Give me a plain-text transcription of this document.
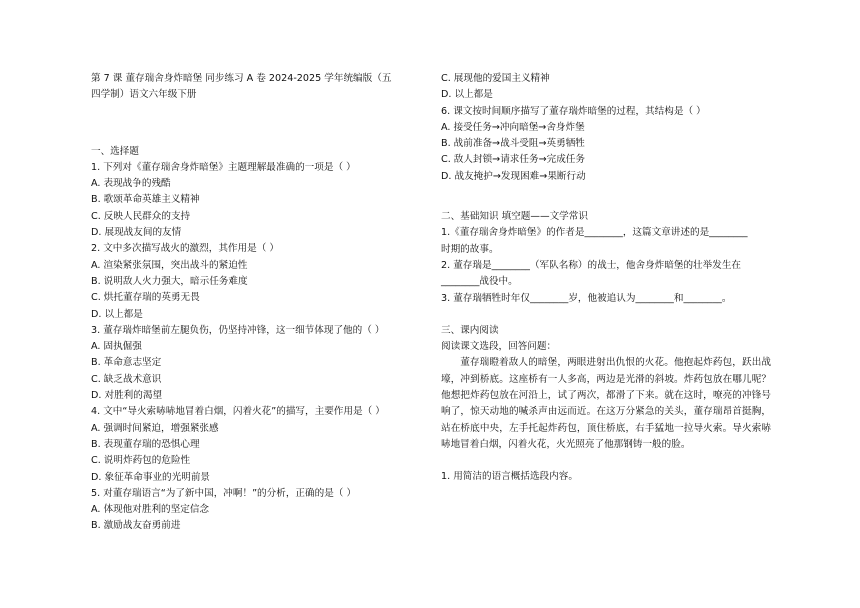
第 7 课 董存瑞舍身炸暗堡 同步练习 A 卷 2024-2025 学年统编版（五
四学制）语文六年级下册
一、选择题
1. 下列对《董存瑞舍身炸暗堡》主题理解最准确的一项是（ ）
A. 表现战争的残酷
B. 歌颂革命英雄主义精神
C. 反映人民群众的支持
D. 展现战友间的友情
2. 文中多次描写战火的激烈，其作用是（ ）
A. 渲染紧张氛围，突出战斗的紧迫性
B. 说明敌人火力强大，暗示任务难度
C. 烘托董存瑞的英勇无畏
D. 以上都是
3. 董存瑞炸暗堡前左腿负伤，仍坚持冲锋，这一细节体现了他的（ ）
A. 固执倔强
B. 革命意志坚定
C. 缺乏战术意识
D. 对胜利的渴望
4. 文中“导火索哧哧地冒着白烟，闪着火花”的描写，主要作用是（ ）
A. 强调时间紧迫，增强紧张感
B. 表现董存瑞的恐惧心理
C. 说明炸药包的危险性
D. 象征革命事业的光明前景
5. 对董存瑞语言“为了新中国，冲啊！”的分析，正确的是（ ）
A. 体现他对胜利的坚定信念
B. 激励战友奋勇前进
C. 展现他的爱国主义精神
D. 以上都是
6. 课文按时间顺序描写了董存瑞炸暗堡的过程，其结构是（ ）
A. 接受任务→冲向暗堡→舍身炸堡
B. 战前准备→战斗受阻→英勇牺牲
C. 敌人封锁→请求任务→完成任务
D. 战友掩护→发现困难→果断行动
二、基础知识 填空题——文学常识
1.《董存瑞舍身炸暗堡》的作者是________，这篇文章讲述的是________
时期的故事。
2. 董存瑞是________（军队名称）的战士，他舍身炸暗堡的壮举发生在
________战役中。
3. 董存瑞牺牲时年仅________岁，他被追认为________和________。
三、课内阅读
阅读课文选段，回答问题：
董存瑞瞪着敌人的暗堡，两眼进射出仇恨的火花。他抱起炸药包，跃出战壕，冲到桥底。这座桥有一人多高，两边是光滑的斜坡。炸药包放在哪儿呢？他想把炸药包放在河沿上，试了两次，都滑了下来。就在这时，嘹亮的冲锋号响了，惊天动地的喊杀声由远而近。在这万分紧急的关头，董存瑞昂首挺胸，站在桥底中央，左手托起炸药包，顶住桥底，右手猛地一拉导火索。导火索哧哧地冒着白烟，闪着火花，火光照亮了他那钢铸一般的脸。
1. 用简洁的语言概括选段内容。
